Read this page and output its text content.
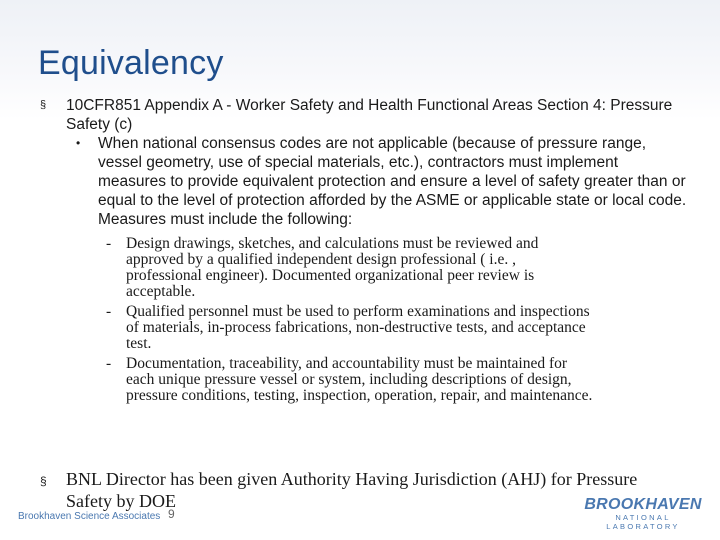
Equivalency
§ 10CFR851 Appendix A - Worker Safety and Health Functional Areas Section 4: Pressure Safety (c)
• When national consensus codes are not applicable (because of pressure range, vessel geometry, use of special materials, etc.), contractors must implement measures to provide equivalent protection and ensure a level of safety greater than or equal to the level of protection afforded by the ASME or applicable state or local code. Measures must include the following:
- Design drawings, sketches, and calculations must be reviewed and approved by a qualified independent design professional ( i.e. , professional engineer). Documented organizational peer review is acceptable.
- Qualified personnel must be used to perform examinations and inspections of materials, in-process fabrications, non-destructive tests, and acceptance test.
- Documentation, traceability, and accountability must be maintained for each unique pressure vessel or system, including descriptions of design, pressure conditions, testing, inspection, operation, repair, and maintenance.
§ BNL Director has been given Authority Having Jurisdiction (AHJ) for Pressure Safety by DOE
Brookhaven Science Associates 9
BROOKHAVEN
NATIONAL LABORATORY
